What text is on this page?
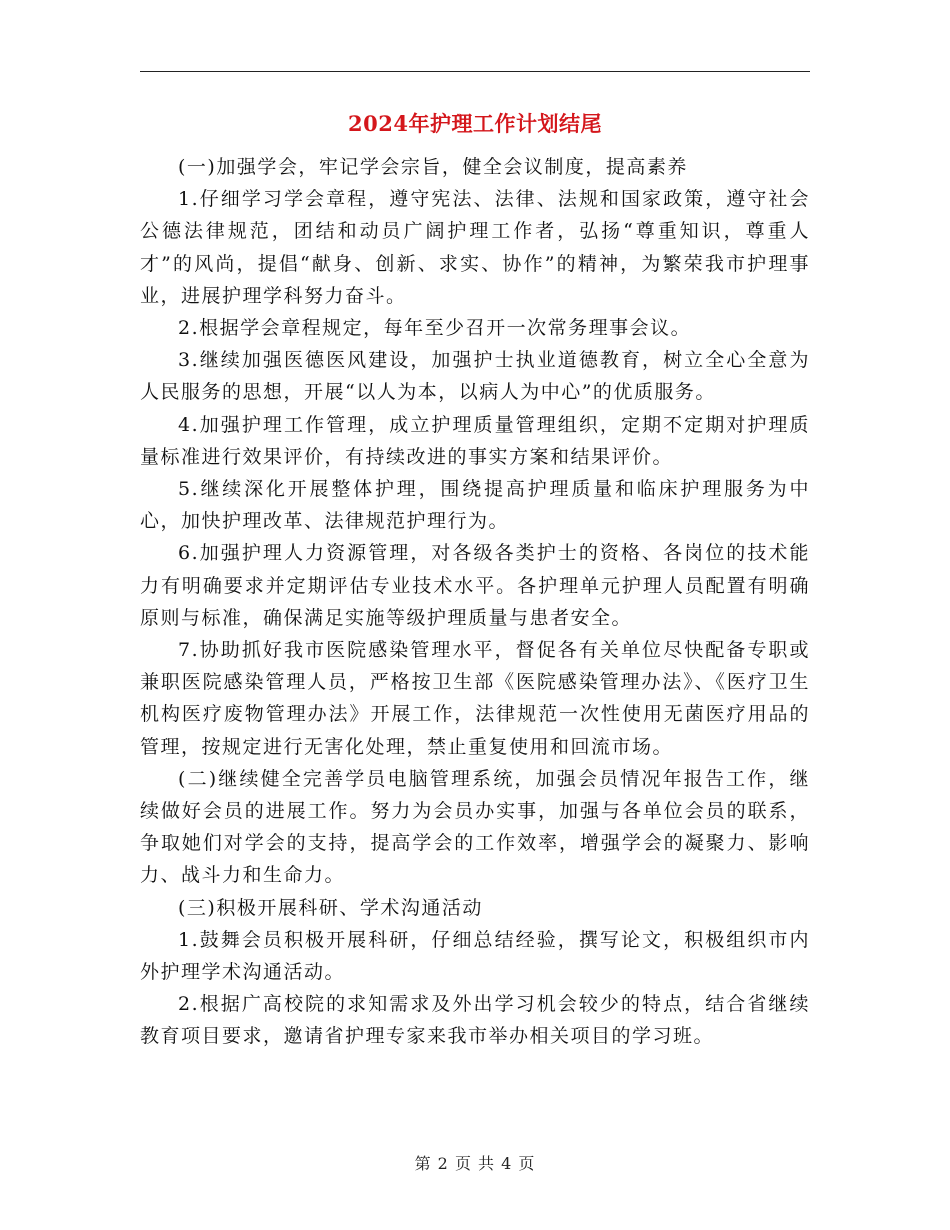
2024年护理工作计划结尾

(一)加强学会，牢记学会宗旨，健全会议制度，提高素养

1.仔细学习学会章程，遵守宪法、法律、法规和国家政策，遵守社会公德法律规范，团结和动员广阔护理工作者，弘扬“尊重知识，尊重人才”的风尚，提倡“献身、创新、求实、协作”的精神，为繁荣我市护理事业，进展护理学科努力奋斗。

2.根据学会章程规定，每年至少召开一次常务理事会议。

3.继续加强医德医风建设，加强护士执业道德教育，树立全心全意为人民服务的思想，开展“以人为本，以病人为中心”的优质服务。

4.加强护理工作管理，成立护理质量管理组织，定期不定期对护理质量标准进行效果评价，有持续改进的事实方案和结果评价。

5.继续深化开展整体护理，围绕提高护理质量和临床护理服务为中心，加快护理改革、法律规范护理行为。

6.加强护理人力资源管理，对各级各类护士的资格、各岗位的技术能力有明确要求并定期评估专业技术水平。各护理单元护理人员配置有明确原则与标准，确保满足实施等级护理质量与患者安全。

7.协助抓好我市医院感染管理水平，督促各有关单位尽快配备专职或兼职医院感染管理人员，严格按卫生部《医院感染管理办法》、《医疗卫生机构医疗废物管理办法》开展工作，法律规范一次性使用无菌医疗用品的管理，按规定进行无害化处理，禁止重复使用和回流市场。

(二)继续健全完善学员电脑管理系统，加强会员情况年报告工作，继续做好会员的进展工作。努力为会员办实事，加强与各单位会员的联系，争取她们对学会的支持，提高学会的工作效率，增强学会的凝聚力、影响力、战斗力和生命力。

(三)积极开展科研、学术沟通活动

1.鼓舞会员积极开展科研，仔细总结经验，撰写论文，积极组织市内外护理学术沟通活动。

2.根据广高校院的求知需求及外出学习机会较少的特点，结合省继续教育项目要求，邀请省护理专家来我市举办相关项目的学习班。

第 2 页 共 4 页
